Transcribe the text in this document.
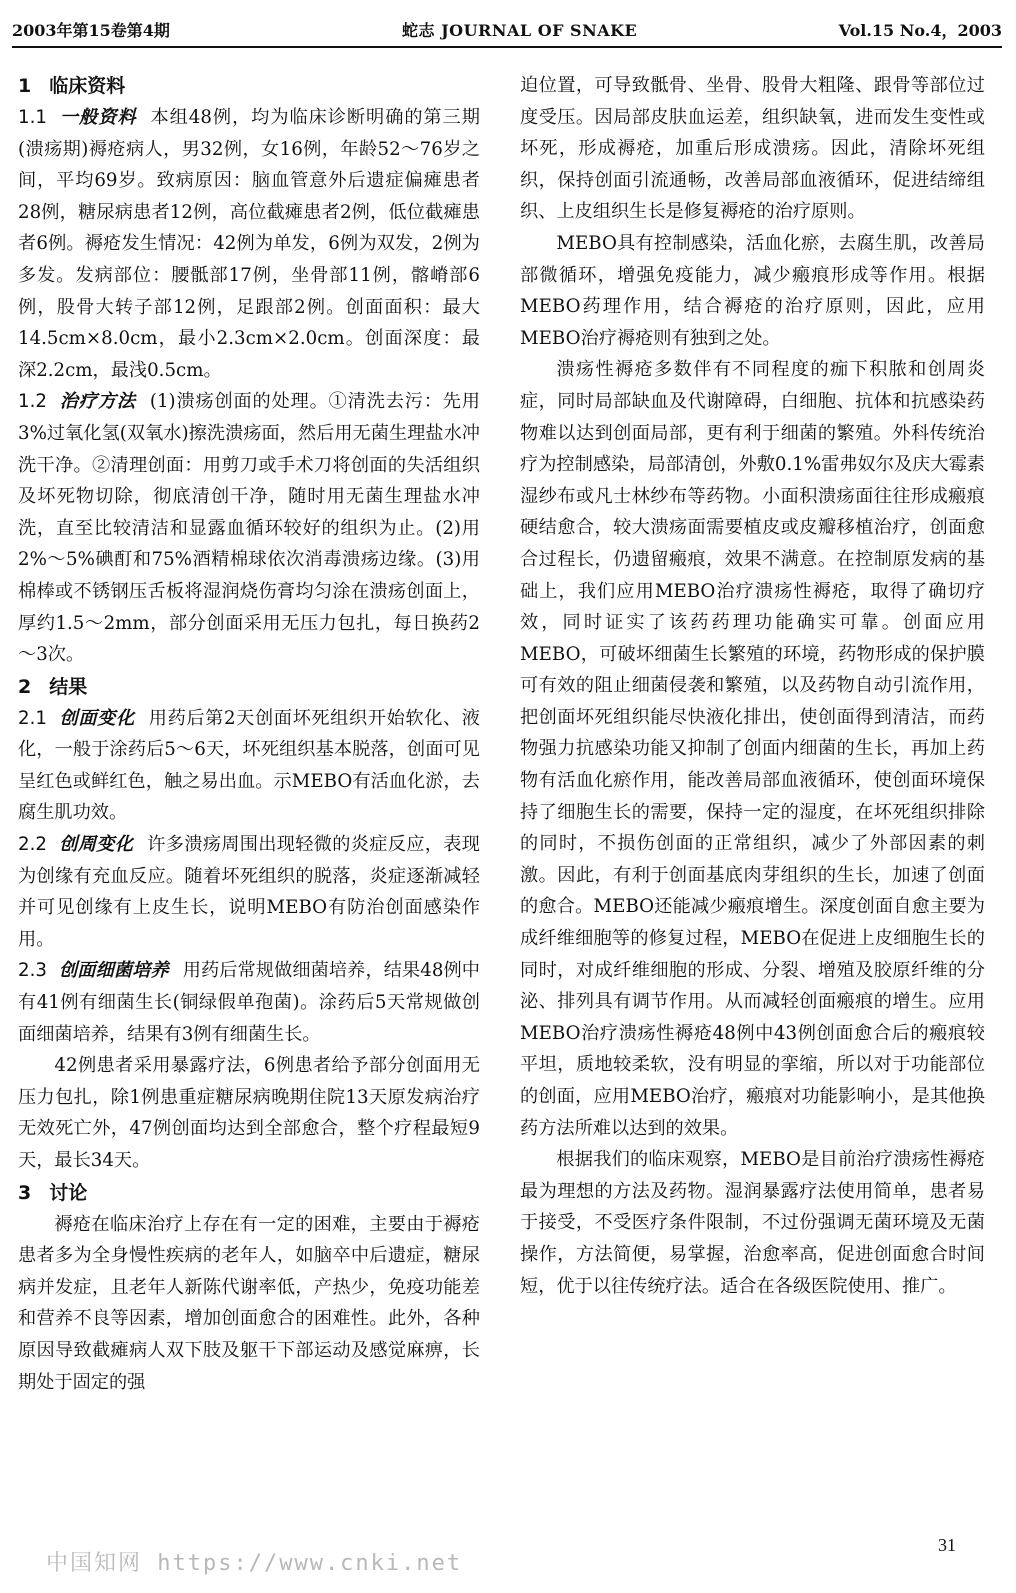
2003年第15卷第4期	蛇志 JOURNAL OF SNAKE	Vol.15 No.4，2003

1 临床资料

1.1 一般资料 本组48例，均为临床诊断明确的第三期(溃疡期)褥疮病人，男32例，女16例，年龄52～76岁之间，平均69岁。致病原因：脑血管意外后遗症偏瘫患者28例，糖尿病患者12例，高位截瘫患者2例，低位截瘫患者6例。褥疮发生情况：42例为单发，6例为双发，2例为多发。发病部位：腰骶部17例，坐骨部11例，髂嵴部6例，股骨大转子部12例，足跟部2例。创面面积：最大14.5cm×8.0cm，最小2.3cm×2.0cm。创面深度：最深2.2cm，最浅0.5cm。

1.2 治疗方法 (1)溃疡创面的处理。①清洗去污：先用3%过氧化氢(双氧水)擦洗溃疡面，然后用无菌生理盐水冲洗干净。②清理创面：用剪刀或手术刀将创面的失活组织及坏死物切除，彻底清创干净，随时用无菌生理盐水冲洗，直至比较清洁和显露血循环较好的组织为止。(2)用2%～5%碘酊和75%酒精棉球依次消毒溃疡边缘。(3)用棉棒或不锈钢压舌板将湿润烧伤膏均匀涂在溃疡创面上，厚约1.5～2mm，部分创面采用无压力包扎，每日换药2～3次。

2 结果

2.1 创面变化 用药后第2天创面坏死组织开始软化、液化，一般于涂药后5～6天，坏死组织基本脱落，创面可见呈红色或鲜红色，触之易出血。示MEBO有活血化淤，去腐生肌功效。

2.2 创周变化 许多溃疡周围出现轻微的炎症反应，表现为创缘有充血反应。随着坏死组织的脱落，炎症逐渐减轻并可见创缘有上皮生长，说明MEBO有防治创面感染作用。

2.3 创面细菌培养 用药后常规做细菌培养，结果48例中有41例有细菌生长(铜绿假单孢菌)。涂药后5天常规做创面细菌培养，结果有3例有细菌生长。

42例患者采用暴露疗法，6例患者给予部分创面用无压力包扎，除1例患重症糖尿病晚期住院13天原发病治疗无效死亡外，47例创面均达到全部愈合，整个疗程最短9天，最长34天。

3 讨论

褥疮在临床治疗上存在有一定的困难，主要由于褥疮患者多为全身慢性疾病的老年人，如脑卒中后遗症，糖尿病并发症，且老年人新陈代谢率低，产热少，免疫功能差和营养不良等因素，增加创面愈合的困难性。此外，各种原因导致截瘫病人双下肢及躯干下部运动及感觉麻痹，长期处于固定的强

迫位置，可导致骶骨、坐骨、股骨大粗隆、跟骨等部位过度受压。因局部皮肤血运差，组织缺氧，进而发生变性或坏死，形成褥疮，加重后形成溃疡。因此，清除坏死组织，保持创面引流通畅，改善局部血液循环，促进结缔组织、上皮组织生长是修复褥疮的治疗原则。

MEBO具有控制感染，活血化瘀，去腐生肌，改善局部微循环，增强免疫能力，减少瘢痕形成等作用。根据MEBO药理作用，结合褥疮的治疗原则，因此，应用MEBO治疗褥疮则有独到之处。

溃疡性褥疮多数伴有不同程度的痂下积脓和创周炎症，同时局部缺血及代谢障碍，白细胞、抗体和抗感染药物难以达到创面局部，更有利于细菌的繁殖。外科传统治疗为控制感染，局部清创，外敷0.1%雷弗奴尔及庆大霉素湿纱布或凡士林纱布等药物。小面积溃疡面往往形成瘢痕硬结愈合，较大溃疡面需要植皮或皮瓣移植治疗，创面愈合过程长，仍遗留瘢痕，效果不满意。在控制原发病的基础上，我们应用MEBO治疗溃疡性褥疮，取得了确切疗效，同时证实了该药药理功能确实可靠。创面应用MEBO，可破坏细菌生长繁殖的环境，药物形成的保护膜可有效的阻止细菌侵袭和繁殖，以及药物自动引流作用，把创面坏死组织能尽快液化排出，使创面得到清洁，而药物强力抗感染功能又抑制了创面内细菌的生长，再加上药物有活血化瘀作用，能改善局部血液循环，使创面环境保持了细胞生长的需要，保持一定的湿度，在坏死组织排除的同时，不损伤创面的正常组织，减少了外部因素的刺激。因此，有利于创面基底肉芽组织的生长，加速了创面的愈合。MEBO还能减少瘢痕增生。深度创面自愈主要为成纤维细胞等的修复过程，MEBO在促进上皮细胞生长的同时，对成纤维细胞的形成、分裂、增殖及胶原纤维的分泌、排列具有调节作用。从而减轻创面瘢痕的增生。应用MEBO治疗溃疡性褥疮48例中43例创面愈合后的瘢痕较平坦，质地较柔软，没有明显的挛缩，所以对于功能部位的创面，应用MEBO治疗，瘢痕对功能影响小，是其他换药方法所难以达到的效果。

根据我们的临床观察，MEBO是目前治疗溃疡性褥疮最为理想的方法及药物。湿润暴露疗法使用简单，患者易于接受，不受医疗条件限制，不过份强调无菌环境及无菌操作，方法简便，易掌握，治愈率高，促进创面愈合时间短，优于以往传统疗法。适合在各级医院使用、推广。

中国知网 https://www.cnki.net
31
